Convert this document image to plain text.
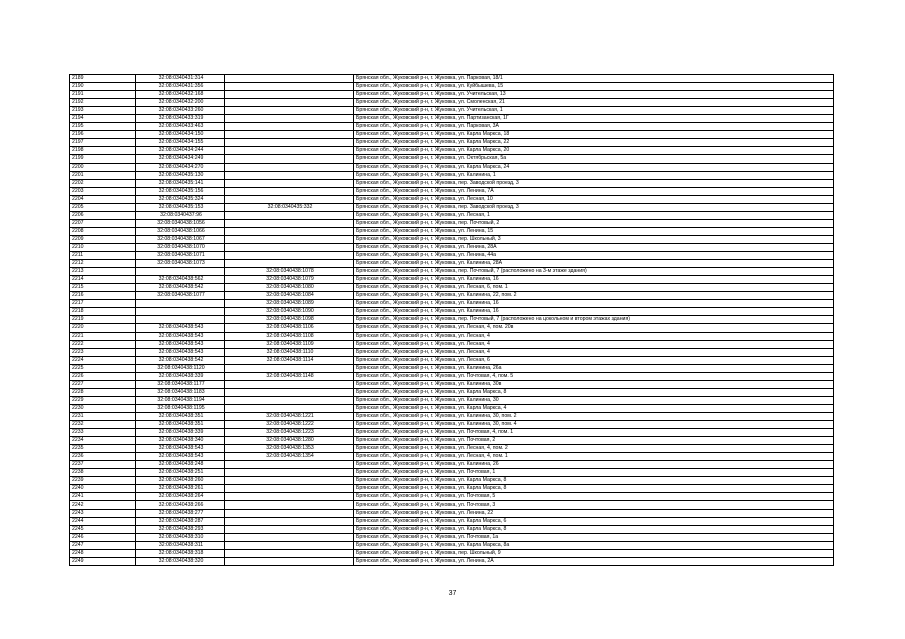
2189	32:08:0340431:314		Брянская обл., Жуковский р-н, г. Жуковка, ул. Парковая, 18/1
2190	32:08:0340431:356		Брянская обл., Жуковский р-н, г. Жуковка, ул. Куйбышева, 15
2191	32:08:0340432:168		Брянская обл., Жуковский р-н, г. Жуковка, ул. Учительская, 13
2192	32:08:0340432:200		Брянская обл., Жуковский р-н, г. Жуковка, ул. Смоленская, 21
2193	32:08:0340433:260		Брянская обл., Жуковский р-н, г. Жуковка, ул. Учительская, 1
2194	32:08:0340433:319		Брянская обл., Жуковский р-н, г. Жуковка, ул. Партизанская, 1Г
2195	32:08:0340433:463		Брянская обл., Жуковский р-н, г. Жуковка, ул. Парковая, 3А
2196	32:08:0340434:150		Брянская обл., Жуковский р-н, г. Жуковка, ул. Карла Маркса, 18
2197	32:08:0340434:155		Брянская обл., Жуковский р-н, г. Жуковка, ул. Карла Маркса, 22
2198	32:08:0340434:244		Брянская обл., Жуковский р-н, г. Жуковка, ул. Карла Маркса, 20
2199	32:08:0340434:249		Брянская обл., Жуковский р-н, г. Жуковка, ул. Октябрьская, 5а
2200	32:08:0340434:270		Брянская обл., Жуковский р-н, г. Жуковка, ул. Карла Маркса, 24
2201	32:08:0340435:130		Брянская обл., Жуковский р-н, г. Жуковка, ул. Калинина, 1
2202	32:08:0340435:141		Брянская обл., Жуковский р-н, г. Жуковка, пер. Заводской проезд, 3
2203	32:08:0340435:156		Брянская обл., Жуковский р-н, г. Жуковка, ул. Ленина, 7А
2204	32:08:0340435:324		Брянская обл., Жуковский р-н, г. Жуковка, ул. Лесная, 10
2205	32:08:0340435:153	32:08:0340435:332	Брянская обл., Жуковский р-н, г. Жуковка, пер. Заводской проезд, 3
2206	32:08:0340437:96		Брянская обл., Жуковский р-н, г. Жуковка, ул. Лесная, 1
2207	32:08:0340438:1056		Брянская обл., Жуковский р-н, г. Жуковка, пер. Почтовый, 2
2208	32:08:0340438:1066		Брянская обл., Жуковский р-н, г. Жуковка, ул. Ленина, 15
2209	32:08:0340438:1067		Брянская обл., Жуковский р-н, г. Жуковка, пер. Школьный, 3
2210	32:08:0340438:1070		Брянская обл., Жуковский р-н, г. Жуковка, ул. Ленина, 28А
2211	32:08:0340438:1071		Брянская обл., Жуковский р-н, г. Жуковка, ул. Ленина, 44а
2212	32:08:0340438:1073		Брянская обл., Жуковский р-н, г. Жуковка, ул. Калинина, 28А
2213		32:08:0340438:1078	Брянская обл., Жуковский р-н, г. Жуковка, пер. Почтовый, 7 (расположено на 3-м этаже здания)
2214	32:08:0340438:562	32:08:0340438:1079	Брянская обл., Жуковский р-н, г. Жуковка, ул. Калинина, 16
2215	32:08:0340438:542	32:08:0340438:1080	Брянская обл., Жуковский р-н, г. Жуковка, ул. Лесная, 6, пом. 1
2216	32:08:0340438:1077	32:08:0340438:1084	Брянская обл., Жуковский р-н, г. Жуковка, ул. Калинина, 22, пом. 2
2217		32:08:0340438:1089	Брянская обл., Жуковский р-н, г. Жуковка, ул. Калинина, 16
2218		32:08:0340438:1090	Брянская обл., Жуковский р-н, г. Жуковка, ул. Калинина, 16
2219		32:08:0340438:1098	Брянская обл., Жуковский р-н, г. Жуковка, пер. Почтовый, 7 (расположено на цокольном и втором этажах здания)
2220	32:08:0340438:543	32:08:0340438:1106	Брянская обл., Жуковский р-н, г. Жуковка, ул. Лесная, 4, пом. 20в
2221	32:08:0340438:543	32:08:0340438:1108	Брянская обл., Жуковский р-н, г. Жуковка, ул. Лесная, 4
2222	32:08:0340438:543	32:08:0340438:1109	Брянская обл., Жуковский р-н, г. Жуковка, ул. Лесная, 4
2223	32:08:0340438:543	32:08:0340438:1110	Брянская обл., Жуковский р-н, г. Жуковка, ул. Лесная, 4
2224	32:08:0340438:542	32:08:0340438:1114	Брянская обл., Жуковский р-н, г. Жуковка, ул. Лесная, 6
2225	32:08:0340438:1120		Брянская обл., Жуковский р-н, г. Жуковка, ул. Калинина, 26а
2226	32:08:0340438:339	32:08:0340438:1148	Брянская обл., Жуковский р-н, г. Жуковка, ул. Почтовая, 4, пом. 5
2227	32:08:0340438:1177		Брянская обл., Жуковский р-н, г. Жуковка, ул. Калинина, 30в
2228	32:08:0340438:1183		Брянская обл., Жуковский р-н, г. Жуковка, ул. Карла Маркса, 8
2229	32:08:0340438:1194		Брянская обл., Жуковский р-н, г. Жуковка, ул. Калинина, 30
2230	32:08:0340438:1195		Брянская обл., Жуковский р-н, г. Жуковка, ул. Карла Маркса, 4
2231	32:08:0340438:351	32:08:0340438:1221	Брянская обл., Жуковский р-н, г. Жуковка, ул. Калинина, 30, пом. 2
2232	32:08:0340438:351	32:08:0340438:1222	Брянская обл., Жуковский р-н, г. Жуковка, ул. Калинина, 30, пом. 4
2233	32:08:0340438:339	32:08:0340438:1223	Брянская обл., Жуковский р-н, г. Жуковка, ул. Почтовая, 4, пом. 1
2234	32:08:0340438:340	32:08:0340438:1280	Брянская обл., Жуковский р-н, г. Жуковка, ул. Почтовая, 2
2235	32:08:0340438:543	32:08:0340438:1353	Брянская обл., Жуковский р-н, г. Жуковка, ул. Лесная, 4, пом. 2
2236	32:08:0340438:543	32:08:0340438:1354	Брянская обл., Жуковский р-н, г. Жуковка, ул. Лесная, 4, пом. 1
2237	32:08:0340438:248		Брянская обл., Жуковский р-н, г. Жуковка, ул. Калинина, 26
2238	32:08:0340438:251		Брянская обл., Жуковский р-н, г. Жуковка, ул. Почтовая, 1
2239	32:08:0340438:260		Брянская обл., Жуковский р-н, г. Жуковка, ул. Карла Маркса, 8
2240	32:08:0340438:261		Брянская обл., Жуковский р-н, г. Жуковка, ул. Карла Маркса, 8
2241	32:08:0340438:264		Брянская обл., Жуковский р-н, г. Жуковка, ул. Почтовая, 5
2242	32:08:0340438:266		Брянская обл., Жуковский р-н, г. Жуковка, ул. Почтовая, 3
2243	32:08:0340438:277		Брянская обл., Жуковский р-н, г. Жуковка, ул. Ленина, 22
2244	32:08:0340438:287		Брянская обл., Жуковский р-н, г. Жуковка, ул. Карла Маркса, 6
2245	32:08:0340438:293		Брянская обл., Жуковский р-н, г. Жуковка, ул. Карла Маркса, 8
2246	32:08:0340438:310		Брянская обл., Жуковский р-н, г. Жуковка, ул. Почтовая, 1а
2247	32:08:0340438:311		Брянская обл., Жуковский р-н, г. Жуковка, ул. Карла Маркса, 8а
2248	32:08:0340438:318		Брянская обл., Жуковский р-н, г. Жуковка, пер. Школьный, 9
2249	32:08:0340438:320		Брянская обл., Жуковский р-н, г. Жуковка, ул. Ленина, 2А
37
